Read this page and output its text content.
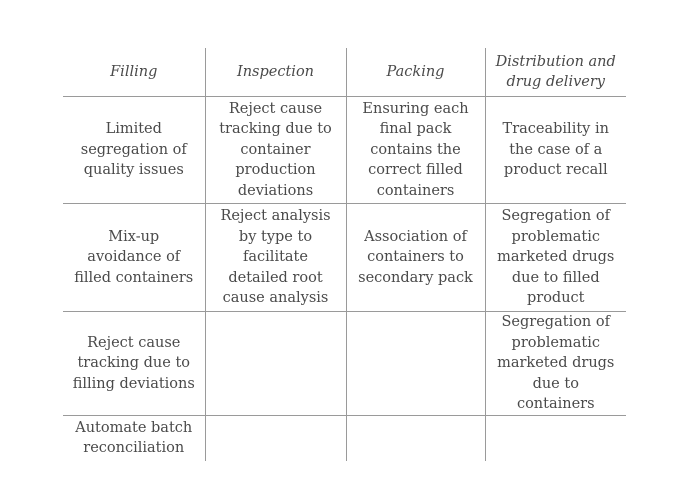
Filling	Inspection	Packing	Distribution and drug delivery
Limited segregation of quality issues	Reject cause tracking due to container production deviations	Ensuring each final pack contains the correct filled containers	Traceability in the case of a product recall
Mix-up avoidance of filled containers	Reject analysis by type to facilitate detailed root cause analysis	Association of containers to secondary pack	Segregation of problematic marketed drugs due to filled product
Reject cause tracking due to filling deviations			Segregation of problematic marketed drugs due to containers
Automate batch reconciliation			
